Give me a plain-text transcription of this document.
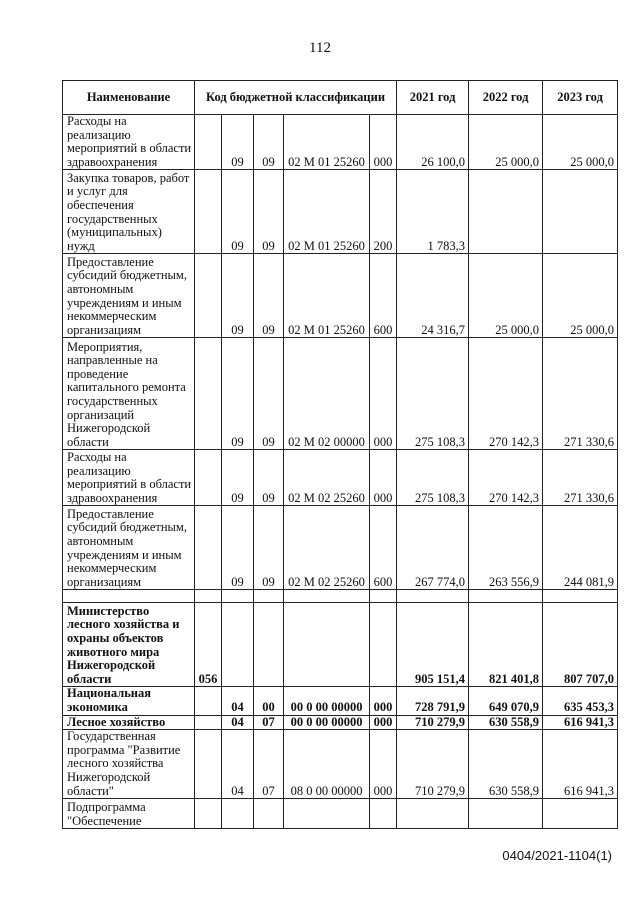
112
Наименование	Код бюджетной классификации					2021 год	2022 год	2023 год
Расходы на реализацию мероприятий в области здравоохранения		09	09	02 М 01 25260	000	26 100,0	25 000,0	25 000,0
Закупка товаров, работ и услуг для обеспечения государственных (муниципальных) нужд		09	09	02 М 01 25260	200	1 783,3		
Предоставление субсидий бюджетным, автономным учреждениям и иным некоммерческим организациям		09	09	02 М 01 25260	600	24 316,7	25 000,0	25 000,0
Мероприятия, направленные на проведение капитального ремонта государственных организаций Нижегородской области		09	09	02 М 02 00000	000	275 108,3	270 142,3	271 330,6
Расходы на реализацию мероприятий в области здравоохранения		09	09	02 М 02 25260	000	275 108,3	270 142,3	271 330,6
Предоставление субсидий бюджетным, автономным учреждениям и иным некоммерческим организациям		09	09	02 М 02 25260	600	267 774,0	263 556,9	244 081,9

Министерство лесного хозяйства и охраны объектов животного мира Нижегородской области	056					905 151,4	821 401,8	807 707,0
Национальная экономика		04	00	00 0 00 00000	000	728 791,9	649 070,9	635 453,3
Лесное хозяйство		04	07	00 0 00 00000	000	710 279,9	630 558,9	616 941,3
Государственная программа "Развитие лесного хозяйства Нижегородской области"		04	07	08 0 00 00000	000	710 279,9	630 558,9	616 941,3
Подпрограмма "Обеспечение								
0404/2021-1104(1)
